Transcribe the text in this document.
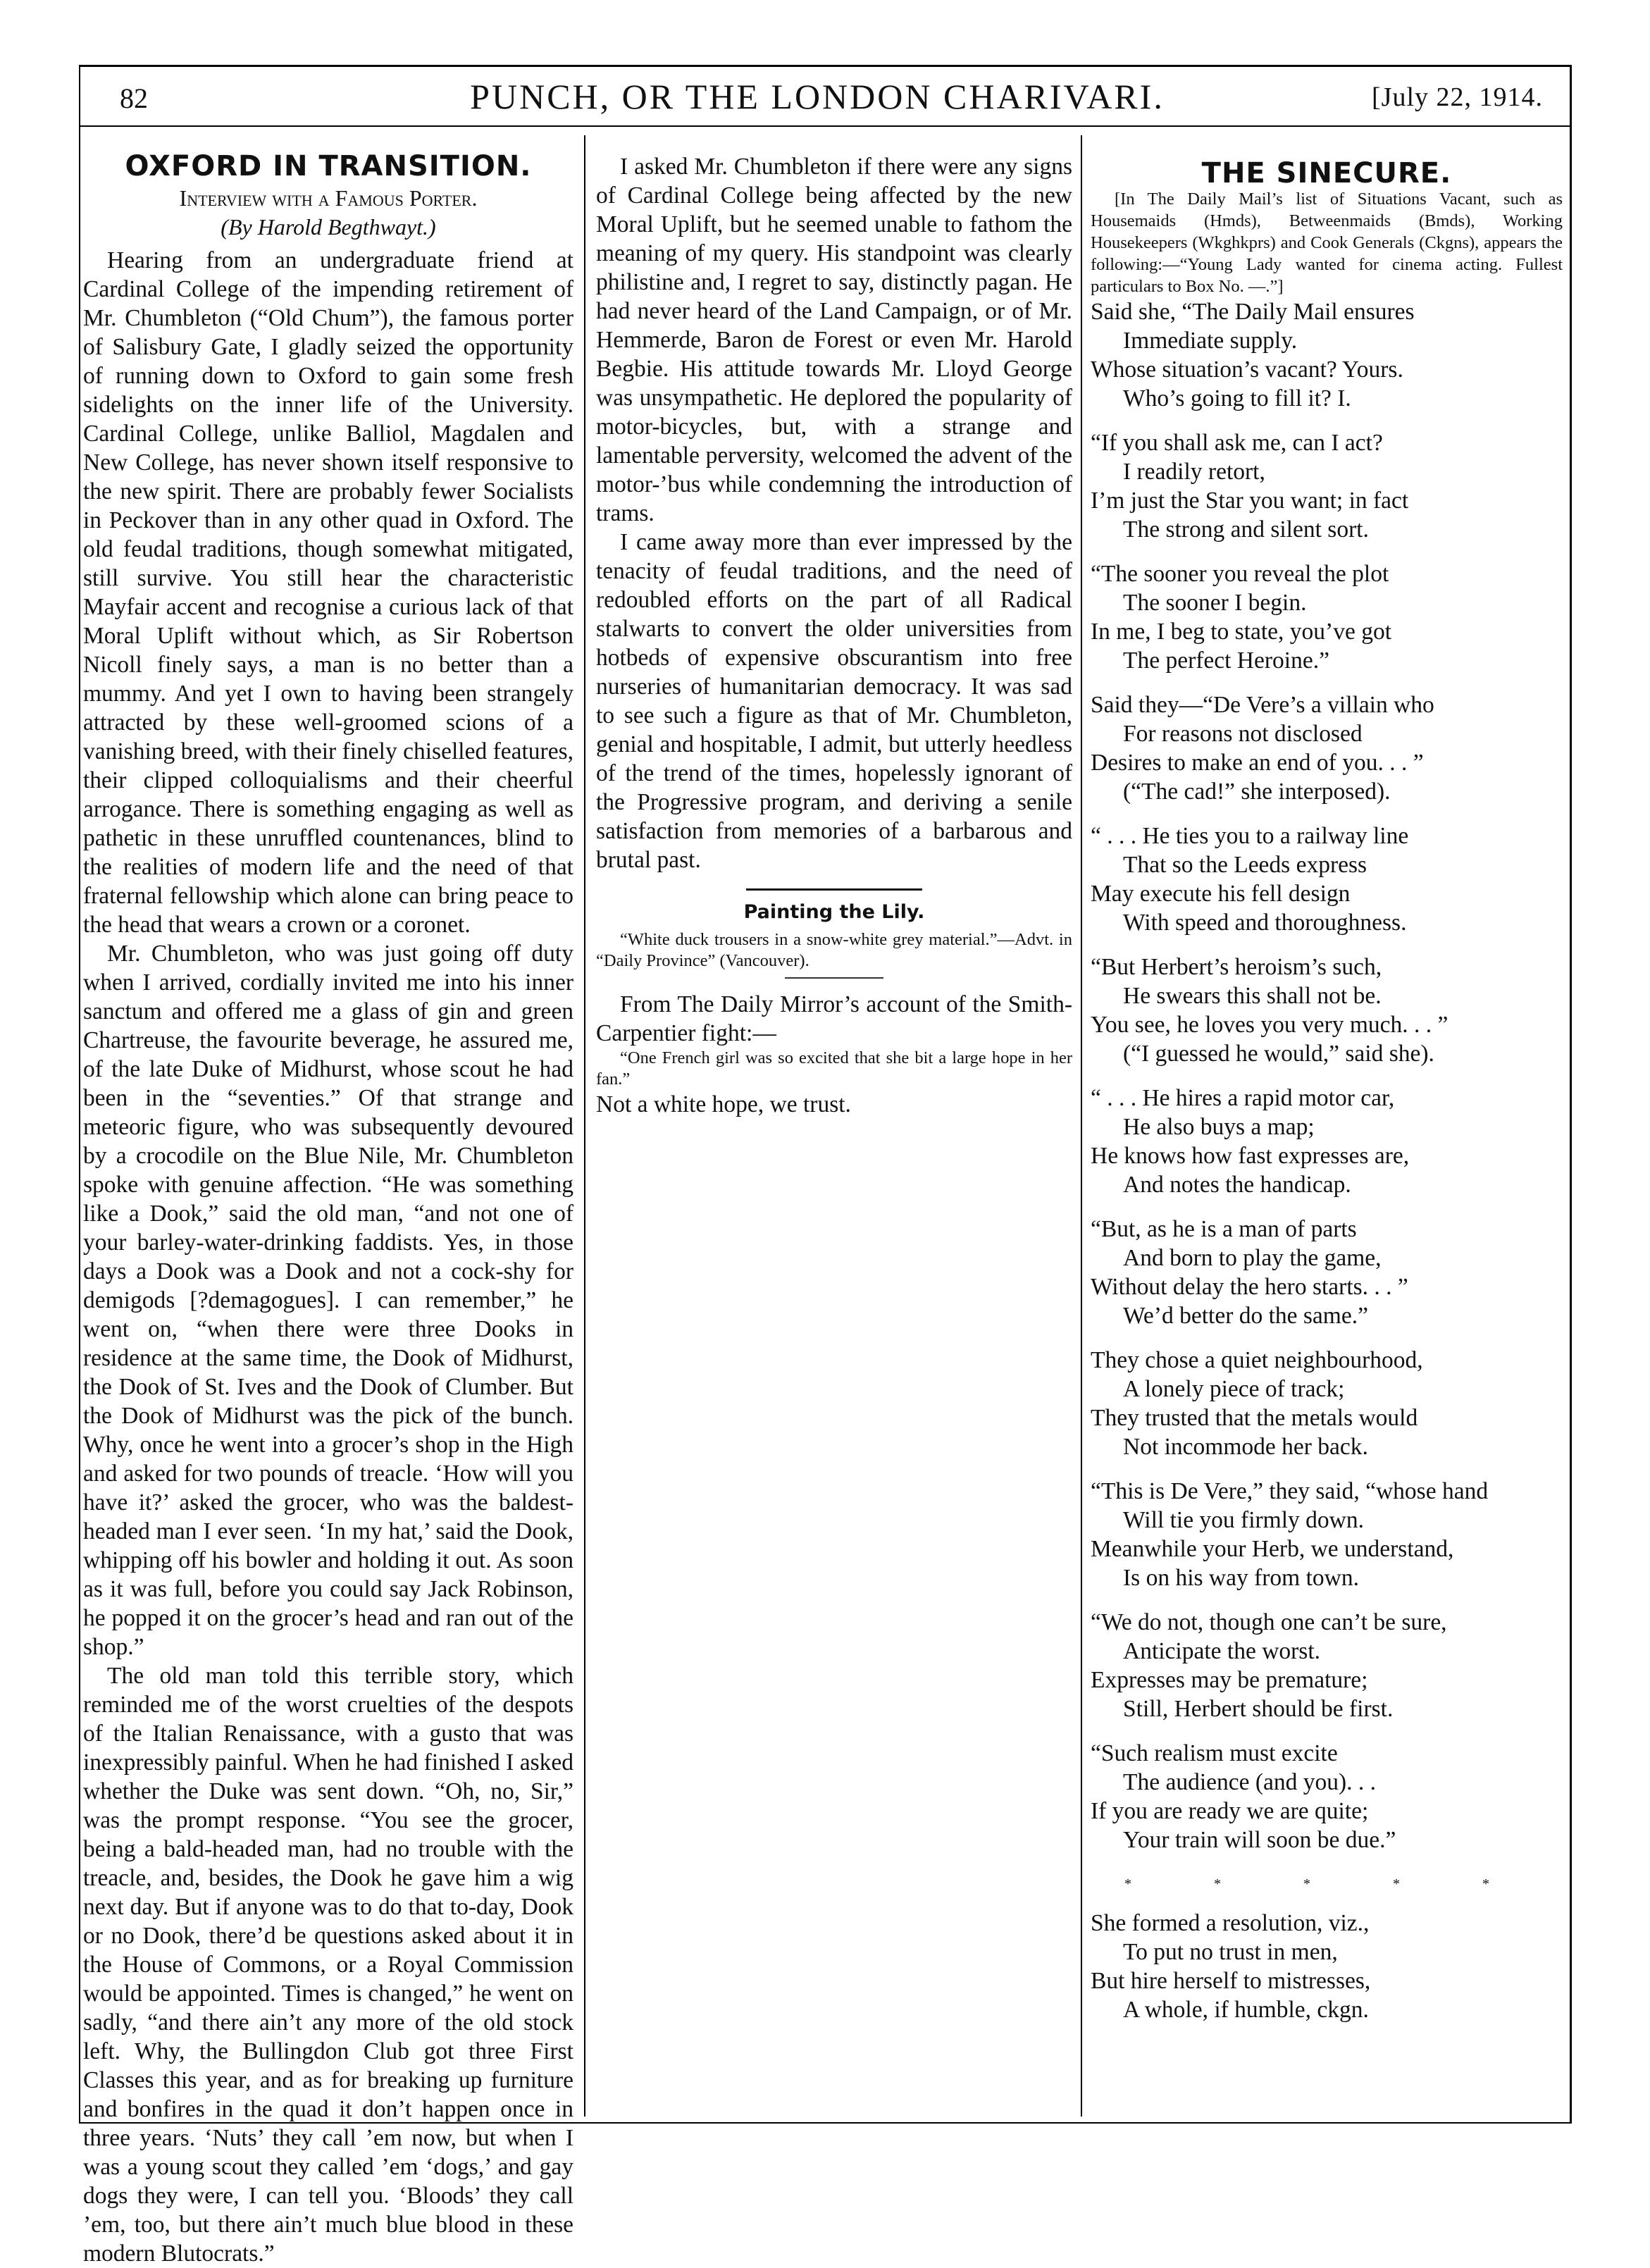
82	PUNCH, OR THE LONDON CHARIVARI.	[July 22, 1914.
OXFORD IN TRANSITION.
Interview with a Famous Porter.
(By Harold Begthwayt.)

Hearing from an undergraduate friend at Cardinal College of the impending retirement of Mr. Chumbleton (“Old Chum”), the famous porter of Salisbury Gate, I gladly seized the opportunity of running down to Oxford to gain some fresh sidelights on the inner life of the University. Cardinal College, unlike Balliol, Magdalen and New College, has never shown itself responsive to the new spirit. There are probably fewer Socialists in Peckover than in any other quad in Oxford. The old feudal traditions, though somewhat mitigated, still survive. You still hear the characteristic Mayfair accent and recognise a curious lack of that Moral Uplift without which, as Sir Robertson Nicoll finely says, a man is no better than a mummy. And yet I own to having been strangely attracted by these well-groomed scions of a vanishing breed, with their finely chiselled features, their clipped colloquialisms and their cheerful arrogance. There is something engaging as well as pathetic in these unruffled countenances, blind to the realities of modern life and the need of that fraternal fellowship which alone can bring peace to the head that wears a crown or a coronet.

Mr. Chumbleton, who was just going off duty when I arrived, cordially invited me into his inner sanctum and offered me a glass of gin and green Chartreuse, the favourite beverage, he assured me, of the late Duke of Midhurst, whose scout he had been in the “seventies.” Of that strange and meteoric figure, who was subsequently devoured by a crocodile on the Blue Nile, Mr. Chumbleton spoke with genuine affection. “He was something like a Dook,” said the old man, “and not one of your barley-water-drinking faddists. Yes, in those days a Dook was a Dook and not a cock-shy for demigods [?demagogues]. I can remember,” he went on, “when there were three Dooks in residence at the same time, the Dook of Midhurst, the Dook of St. Ives and the Dook of Clumber. But the Dook of Midhurst was the pick of the bunch. Why, once he went into a grocer’s shop in the High and asked for two pounds of treacle. ‘How will you have it?’ asked the grocer, who was the baldest-headed man I ever seen. ‘In my hat,’ said the Dook, whipping off his bowler and holding it out. As soon as it was full, before you could say Jack Robinson, he popped it on the grocer’s head and ran out of the shop.”

The old man told this terrible story, which reminded me of the worst cruelties of the despots of the Italian Renaissance, with a gusto that was inexpressibly painful. When he had finished I asked whether the Duke was sent down. “Oh, no, Sir,” was the prompt response. “You see the grocer, being a bald-headed man, had no trouble with the treacle, and, besides, the Dook he gave him a wig next day. But if anyone was to do that to-day, Dook or no Dook, there’d be questions asked about it in the House of Commons, or a Royal Commission would be appointed. Times is changed,” he went on sadly, “and there ain’t any more of the old stock left. Why, the Bullingdon Club got three First Classes this year, and as for breaking up furniture and bonfires in the quad it don’t happen once in three years. ‘Nuts’ they call ’em now, but when I was a young scout they called ’em ‘dogs,’ and gay dogs they were, I can tell you. ‘Bloods’ they call ’em, too, but there ain’t much blue blood in these modern Blutocrats.”

I asked Mr. Chumbleton if there were any signs of Cardinal College being affected by the new Moral Uplift, but he seemed unable to fathom the meaning of my query. His standpoint was clearly philistine and, I regret to say, distinctly pagan. He had never heard of the Land Campaign, or of Mr. Hemmerde, Baron de Forest or even Mr. Harold Begbie. His attitude towards Mr. Lloyd George was unsympathetic. He deplored the popularity of motor-bicycles, but, with a strange and lamentable perversity, welcomed the advent of the motor-’bus while condemning the introduction of trams.

I came away more than ever impressed by the tenacity of feudal traditions, and the need of redoubled efforts on the part of all Radical stalwarts to convert the older universities from hotbeds of expensive obscurantism into free nurseries of humanitarian democracy. It was sad to see such a figure as that of Mr. Chumbleton, genial and hospitable, I admit, but utterly heedless of the trend of the times, hopelessly ignorant of the Progressive program, and deriving a senile satisfaction from memories of a barbarous and brutal past.

Painting the Lily.

“White duck trousers in a snow-white grey material.”—Advt. in “Daily Province” (Vancouver).

From The Daily Mirror’s account of the Smith-Carpentier fight:—

“One French girl was so excited that she bit a large hope in her fan.”

Not a white hope, we trust.

THE SINECURE.

[In The Daily Mail’s list of Situations Vacant, such as Housemaids (Hmds), Betweenmaids (Bmds), Working Housekeepers (Wkghkprs) and Cook Generals (Ckgns), appears the following:—“Young Lady wanted for cinema acting. Fullest particulars to Box No. —.”]

Said she, “The Daily Mail ensures
Immediate supply.
Whose situation’s vacant? Yours.
Who’s going to fill it? I.
“If you shall ask me, can I act?
I readily retort,
I’m just the Star you want; in fact
The strong and silent sort.
“The sooner you reveal the plot
The sooner I begin.
In me, I beg to state, you’ve got
The perfect Heroine.”
Said they—“De Vere’s a villain who
For reasons not disclosed
Desires to make an end of you. . . ”
(“The cad!” she interposed).
“ . . . He ties you to a railway line
That so the Leeds express
May execute his fell design
With speed and thoroughness.
“But Herbert’s heroism’s such,
He swears this shall not be.
You see, he loves you very much. . . ”
(“I guessed he would,” said she).
“ . . . He hires a rapid motor car,
He also buys a map;
He knows how fast expresses are,
And notes the handicap.
“But, as he is a man of parts
And born to play the game,
Without delay the hero starts. . . ”
We’d better do the same.”
They chose a quiet neighbourhood,
A lonely piece of track;
They trusted that the metals would
Not incommode her back.
“This is De Vere,” they said, “whose hand
Will tie you firmly down.
Meanwhile your Herb, we understand,
Is on his way from town.
“We do not, though one can’t be sure,
Anticipate the worst.
Expresses may be premature;
Still, Herbert should be first.
“Such realism must excite
The audience (and you). . .
If you are ready we are quite;
Your train will soon be due.”
* * * * *
She formed a resolution, viz.,
To put no trust in men,
But hire herself to mistresses,
A whole, if humble, ckgn.
